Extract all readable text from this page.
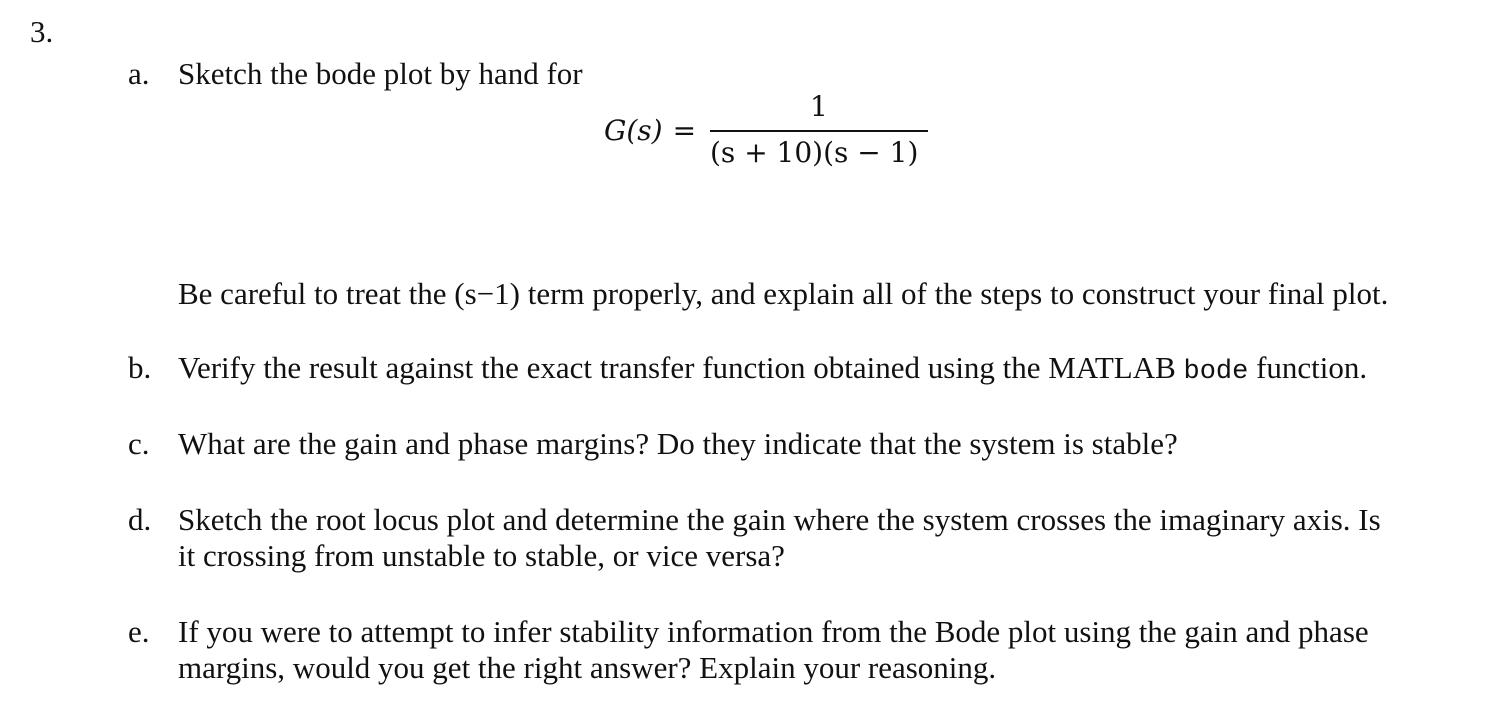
3.
a. Sketch the bode plot by hand for
G(s) =
1
(s + 10)(s − 1)
Be careful to treat the (s−1) term properly, and explain all of the steps to construct your final plot.
b. Verify the result against the exact transfer function obtained using the MATLAB bode function.
c. What are the gain and phase margins? Do they indicate that the system is stable?
d. Sketch the root locus plot and determine the gain where the system crosses the imaginary axis. Is
it crossing from unstable to stable, or vice versa?
e. If you were to attempt to infer stability information from the Bode plot using the gain and phase
margins, would you get the right answer? Explain your reasoning.
